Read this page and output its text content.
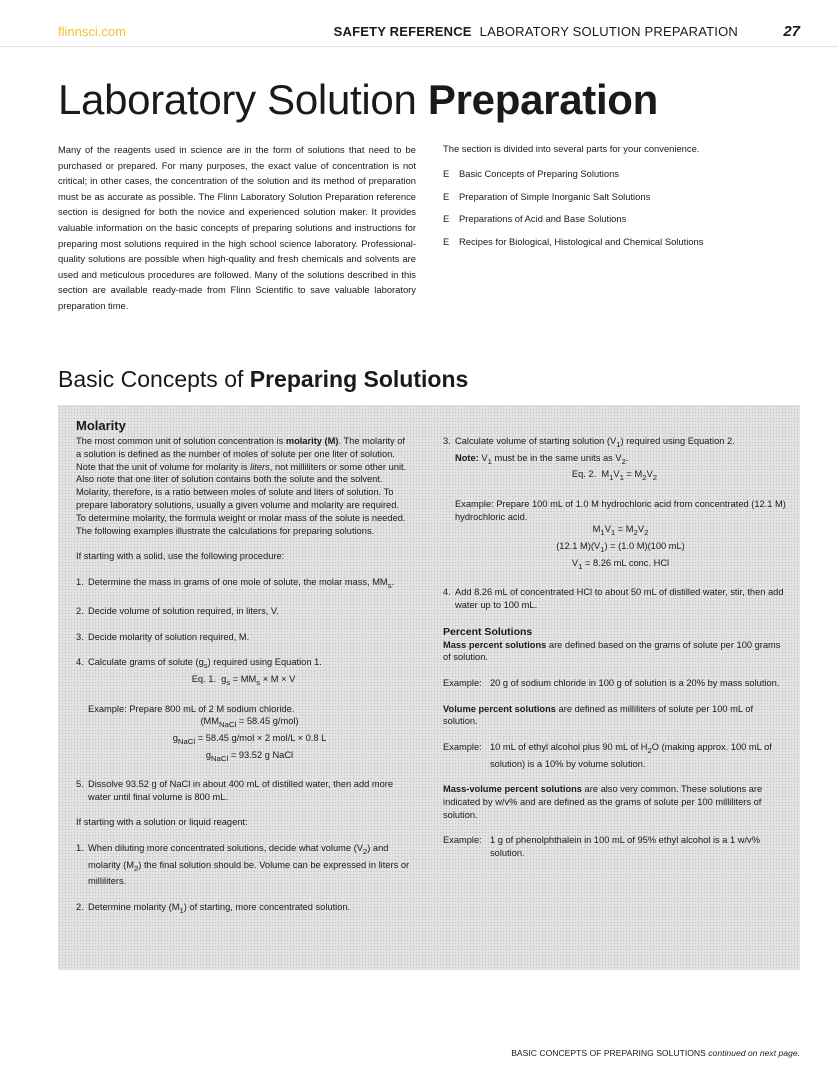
flinnsci.com	SAFETY REFERENCE LABORATORY SOLUTION PREPARATION	27
Laboratory Solution Preparation

Many of the reagents used in science are in the form of solutions that need to be purchased or prepared. For many purposes, the exact value of concentration is not critical; in other cases, the concentration of the solution and its method of preparation must be as accurate as possible. The Flinn Laboratory Solution Preparation reference section is designed for both the novice and experienced solution maker. It provides valuable information on the basic concepts of preparing solutions and instructions for preparing most solutions required in the high school science laboratory. Professional-quality solutions are possible when high-quality and fresh chemicals and solvents are used and meticulous procedures are followed. Many of the solutions described in this section are available ready-made from Flinn Scientific to save valuable laboratory preparation time.

The section is divided into several parts for your convenience.

E	Basic Concepts of Preparing Solutions
E	Preparation of Simple Inorganic Salt Solutions
E	Preparations of Acid and Base Solutions
E	Recipes for Biological, Histological and Chemical Solutions
Basic Concepts of Preparing Solutions
Molarity

The most common unit of solution concentration is molarity (M). The molarity of a solution is defined as the number of moles of solute per one liter of solution. Note that the unit of volume for molarity is liters, not milliliters or some other unit. Also note that one liter of solution contains both the solute and the solvent. Molarity, therefore, is a ratio between moles of solute and liters of solution. To prepare laboratory solutions, usually a given volume and molarity are required. To determine molarity, the formula weight or molar mass of the solute is needed. The following examples illustrate the calculations for preparing solutions.

If starting with a solid, use the following procedure:

1. Determine the mass in grams of one mole of solute, the molar mass, $MM_s$.
2. Decide volume of solution required, in liters, V.
3. Decide molarity of solution required, M.
4. Calculate grams of solute $(g_s)$ required using Equation 1.

Eq. 1. $g_s = MM_s \times M \times V$

Example: Prepare 800 mL of 2 M sodium chloride.

($MM_{NaCl} = 58.45$ g/mol)
$g_{NaCl} = 58.45$ g/mol × 2 mol/L × 0.8 L
$g_{NaCl} = 93.52$ g NaCl
5. Dissolve 93.52 g of NaCl in about 400 mL of distilled water, then add more water until final volume is 800 mL.

If starting with a solution or liquid reagent:

1. When diluting more concentrated solutions, decide what volume $(V_2)$ and molarity $(M_2)$ the final solution should be. Volume can be expressed in liters or milliliters.
2. Determine molarity $(M_1)$ of starting, more concentrated solution.
3. Calculate volume of starting solution $(V_1)$ required using Equation 2.
Note: $V_1$ must be in the same units as $V_2$.

Eq. 2. $M_1V_1 = M_2V_2$

Example: Prepare 100 mL of 1.0 M hydrochloric acid from concentrated (12.1 M) hydrochloric acid.

$M_1V_1 = M_2V_2$
(12.1 $M)(V_1) = (1.0$ M)(100 mL)
$V_1 = 8.26$ mL conc. HCl
4. Add 8.26 mL of concentrated HCl to about 50 mL of distilled water, stir, then add water up to 100 mL.
Percent Solutions

Mass percent solutions are defined based on the grams of solute per 100 grams of solution.

Example: 20 g of sodium chloride in 100 g of solution is a 20% by mass solution.

Volume percent solutions are defined as milliliters of solute per 100 mL of solution.

Example: 10 mL of ethyl alcohol plus 90 mL of $H_2O$ (making approx. 100 mL of solution) is a 10% by volume solution.

Mass-volume percent solutions are also very common. These solutions are indicated by w/v% and are defined as the grams of solute per 100 milliliters of solution.

Example: 1 g of phenolphthalein in 100 mL of 95% ethyl alcohol is a 1 w/v% solution.
BASIC CONCEPTS OF PREPARING SOLUTIONS continued on next page.
